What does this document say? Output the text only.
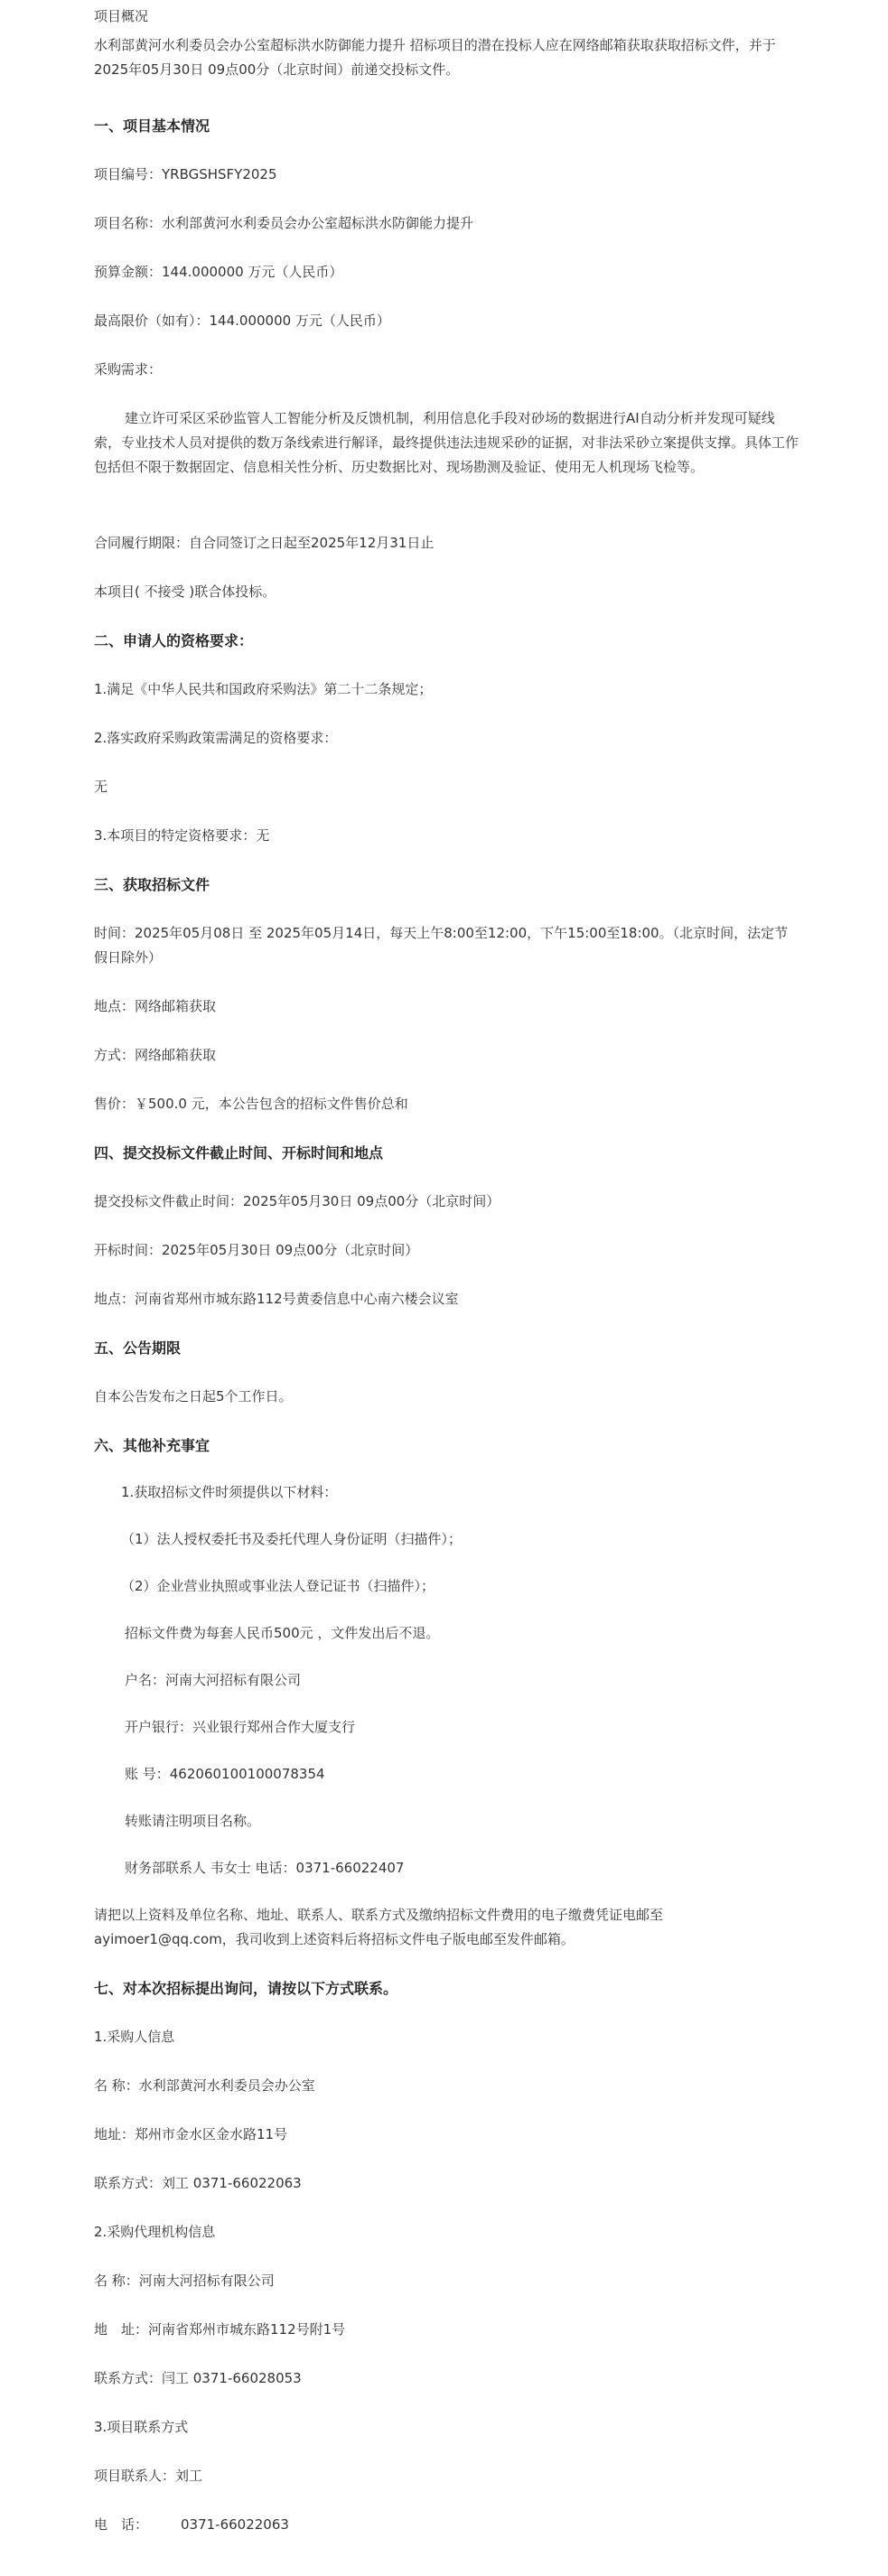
项目概况

水利部黄河水利委员会办公室超标洪水防御能力提升 招标项目的潜在投标人应在网络邮箱获取获取招标文件，并于2025年05月30日 09点00分（北京时间）前递交投标文件。

一、项目基本情况

项目编号：YRBGSHSFY2025

项目名称：水利部黄河水利委员会办公室超标洪水防御能力提升

预算金额：144.000000 万元（人民币）

最高限价（如有）：144.000000 万元（人民币）

采购需求：

建立许可采区采砂监管人工智能分析及反馈机制，利用信息化手段对砂场的数据进行AI自动分析并发现可疑线索，专业技术人员对提供的数万条线索进行解译，最终提供违法违规采砂的证据，对非法采砂立案提供支撑。具体工作包括但不限于数据固定、信息相关性分析、历史数据比对、现场勘测及验证、使用无人机现场飞检等。

合同履行期限：自合同签订之日起至2025年12月31日止

本项目( 不接受 )联合体投标。

二、申请人的资格要求：

1.满足《中华人民共和国政府采购法》第二十二条规定；

2.落实政府采购政策需满足的资格要求：

无

3.本项目的特定资格要求：无

三、获取招标文件

时间：2025年05月08日 至 2025年05月14日，每天上午8:00至12:00，下午15:00至18:00。（北京时间，法定节假日除外）

地点：网络邮箱获取

方式：网络邮箱获取

售价：￥500.0 元，本公告包含的招标文件售价总和

四、提交投标文件截止时间、开标时间和地点

提交投标文件截止时间：2025年05月30日 09点00分（北京时间）

开标时间：2025年05月30日 09点00分（北京时间）

地点：河南省郑州市城东路112号黄委信息中心南六楼会议室

五、公告期限

自本公告发布之日起5个工作日。

六、其他补充事宜

1.获取招标文件时须提供以下材料：

（1）法人授权委托书及委托代理人身份证明（扫描件）；

（2）企业营业执照或事业法人登记证书（扫描件）；

招标文件费为每套人民币500元 ，文件发出后不退。

户名：河南大河招标有限公司

开户银行：兴业银行郑州合作大厦支行

账 号：462060100100078354

转账请注明项目名称。

财务部联系人 韦女士 电话：0371-66022407

请把以上资料及单位名称、地址、联系人、联系方式及缴纳招标文件费用的电子缴费凭证电邮至ayimoer1@qq.com，我司收到上述资料后将招标文件电子版电邮至发件邮箱。

七、对本次招标提出询问，请按以下方式联系。

1.采购人信息

名 称：水利部黄河水利委员会办公室

地址：郑州市金水区金水路11号

联系方式：刘工 0371-66022063

2.采购代理机构信息

名 称：河南大河招标有限公司

地　址：河南省郑州市城东路112号附1号

联系方式：闫工 0371-66028053

3.项目联系方式

项目联系人：刘工

电　话： 0371-66022063
